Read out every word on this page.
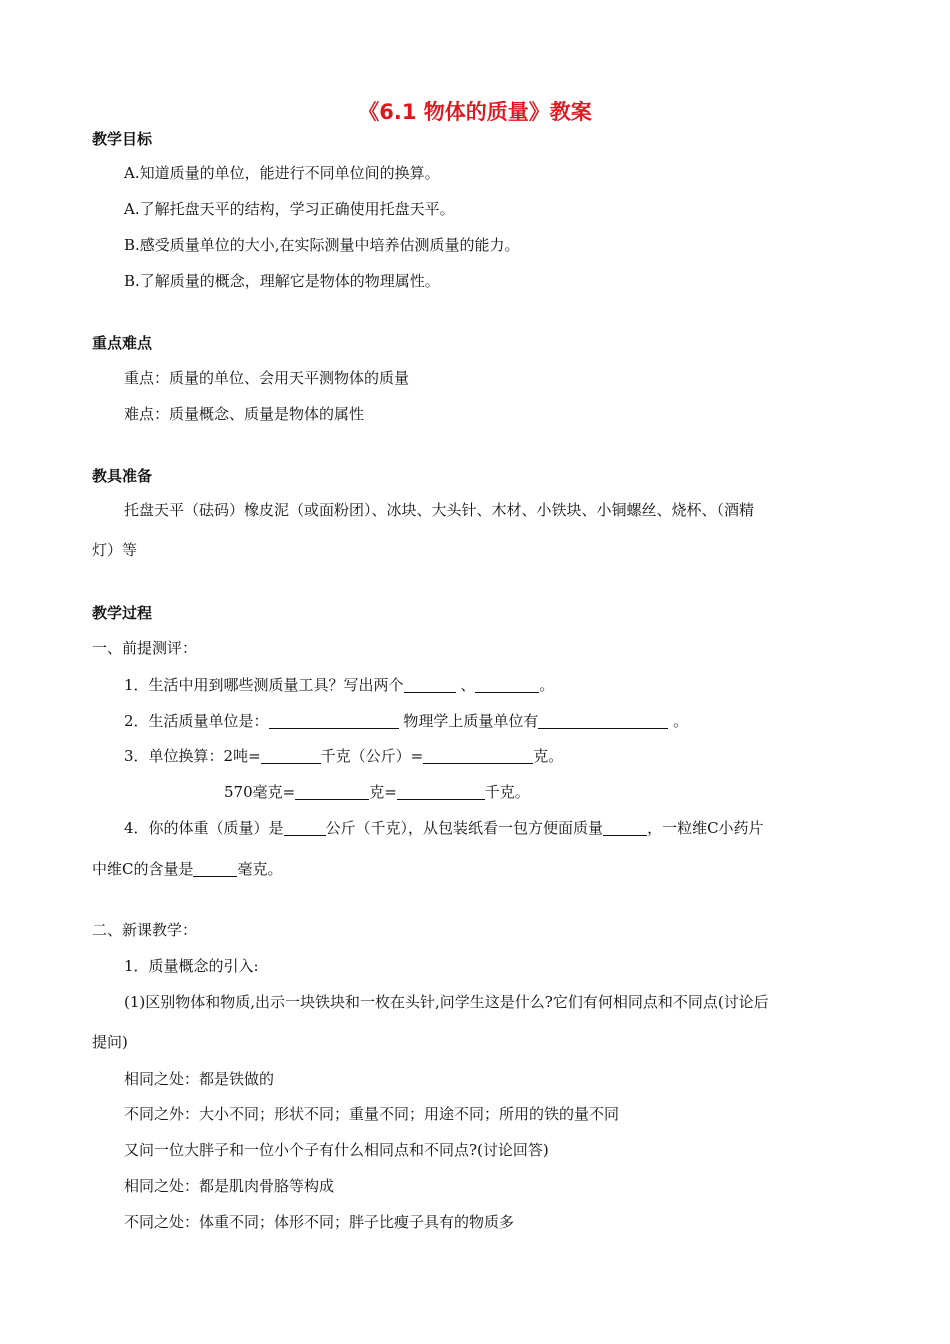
《6.1 物体的质量》教案
教学目标
A.知道质量的单位，能进行不同单位间的换算。
A.了解托盘天平的结构，学习正确使用托盘天平。
B.感受质量单位的大小,在实际测量中培养估测质量的能力。
B.了解质量的概念，理解它是物体的物理属性。
重点难点
重点：质量的单位、会用天平测物体的质量
难点：质量概念、质量是物体的属性
教具准备
托盘天平（砝码）橡皮泥（或面粉团）、冰块、大头针、木材、小铁块、小铜螺丝、烧杯、（酒精
灯）等
教学过程
一、前提测评：
1．生活中用到哪些测质量工具？写出两个	、	。
2．生活质量单位是：	物理学上质量单位有	。
3．单位换算：2吨=	千克（公斤）=	克。
570毫克=	克=	千克。
4．你的体重（质量）是	公斤（千克），从包装纸看一包方便面质量	，一粒维C小药片
中维C的含量是	毫克。
二、新课教学：
1．质量概念的引入:
(1)区别物体和物质,出示一块铁块和一枚在头针,问学生这是什么?它们有何相同点和不同点(讨论后
提问)
相同之处：都是铁做的
不同之外：大小不同；形状不同；重量不同；用途不同；所用的铁的量不同
又问一位大胖子和一位小个子有什么相同点和不同点?(讨论回答)
相同之处：都是肌肉骨胳等构成
不同之处：体重不同；体形不同；胖子比瘦子具有的物质多
